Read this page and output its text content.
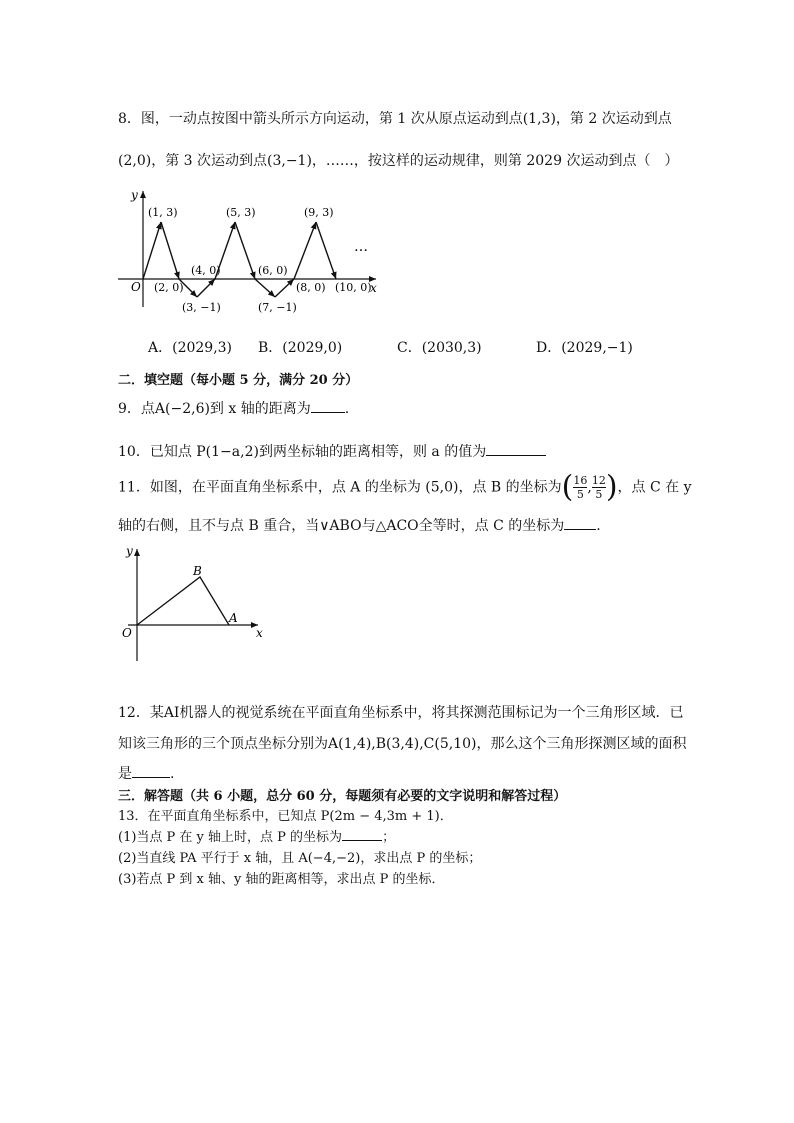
8．图，一动点按图中箭头所示方向运动，第 1 次从原点运动到点(1,3)，第 2 次运动到点
(2,0)，第 3 次运动到点(3,−1)，……，按这样的运动规律，则第 2029 次运动到点（　）
y
x
O
(1, 3)
(2, 0)
(3, −1)
(4, 0)
(5, 3)
(6, 0)
(7, −1)
(8, 0)
(9, 3)
(10, 0)
…
A．(2029,3) B．(2029,0)	C．(2030,3)	D．(2029,−1)
二．填空题（每小题 5 分，满分 20 分）
9．点A(−2,6)到 x 轴的距离为 .
10．已知点 P(1−a,2)到两坐标轴的距离相等，则 a 的值为
11．如图，在平面直角坐标系中，点 A 的坐标为 (5,0)，点 B 的坐标为( $\frac{16}{5}$ , $\frac{12}{5}$ )，点 C 在 y
轴的右侧，且不与点 B 重合，当∨ABO与△ACO全等时，点 C 的坐标为 .
y
x
O
B
A
12．某AI机器人的视觉系统在平面直角坐标系中，将其探测范围标记为一个三角形区域．已
知该三角形的三个顶点坐标分别为A(1,4),B(3,4),C(5,10)，那么这个三角形探测区域的面积
是	.
三．解答题（共 6 小题，总分 60 分，每题须有必要的文字说明和解答过程）
13．在平面直角坐标系中，已知点 P(2m − 4,3m + 1)．
(1)当点 P 在 y 轴上时，点 P 的坐标为	；
(2)当直线 PA 平行于 x 轴，且 A(−4,−2)，求出点 P 的坐标；
(3)若点 P 到 x 轴、y 轴的距离相等，求出点 P 的坐标．
